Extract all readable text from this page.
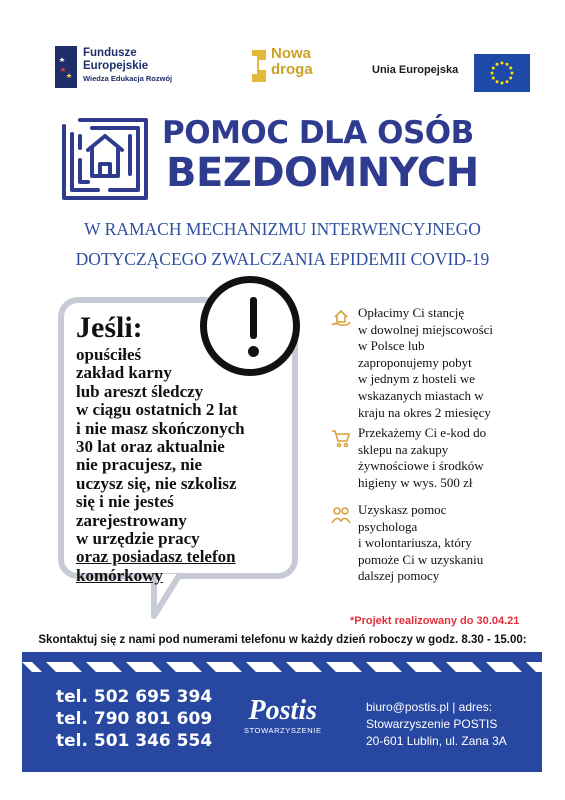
Fundusze
Europejskie
Wiedza Edukacja Rozwój
Nowa
droga	Unia Europejska
POMOC DLA OSÓB
BEZDOMNYCH
W RAMACH MECHANIZMU INTERWENCYJNEGO
DOTYCZĄCEGO ZWALCZANIA EPIDEMII COVID-19
Jeśli:
opuściłeś
zakład karny
lub areszt śledczy
w ciągu ostatnich 2 lat
i nie masz skończonych
30 lat oraz aktualnie
nie pracujesz, nie
uczysz się, nie szkolisz
się i nie jesteś
zarejestrowany
w urzędzie pracy
oraz posiadasz telefon
komórkowy
Opłacimy Ci stancję
w dowolnej miejscowości
w Polsce lub
zaproponujemy pobyt
w jednym z hosteli we
wskazanych miastach w
kraju na okres 2 miesięcy
Przekażemy Ci e-kod do
sklepu na zakupy
żywnościowe i środków
higieny w wys. 500 zł
Uzyskasz pomoc
psychologa
i wolontariusza, który
pomoże Ci w uzyskaniu
dalszej pomocy
*Projekt realizowany do 30.04.21
Skontaktuj się z nami pod numerami telefonu w każdy dzień roboczy w godz. 8.30 - 15.00:
tel. 502 695 394
tel. 790 801 609
tel. 501 346 554
Postis
STOWARZYSZENIE
biuro@postis.pl | adres:
Stowarzyszenie POSTIS
20-601 Lublin, ul. Zana 3A
